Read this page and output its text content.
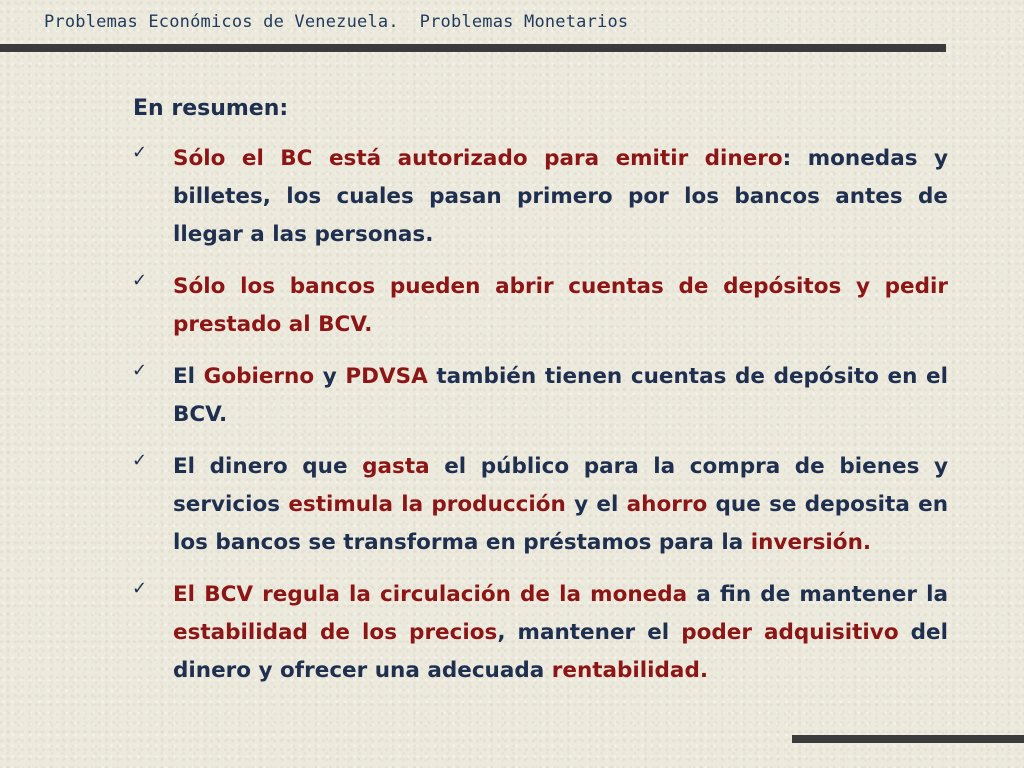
Problemas Económicos de Venezuela.  Problemas Monetarios
En resumen:
✓ Sólo el BC está autorizado para emitir dinero: monedas y billetes, los cuales pasan primero por los bancos antes de llegar a las personas.
✓ Sólo los bancos pueden abrir cuentas de depósitos y pedir prestado al BCV.
✓ El Gobierno y PDVSA también tienen cuentas de depósito en el BCV.
✓ El dinero que gasta el público para la compra de bienes y servicios estimula la producción y el ahorro que se deposita en los bancos se transforma en préstamos para la inversión.
✓ El BCV regula la circulación de la moneda a fin de mantener la estabilidad de los precios, mantener el poder adquisitivo del dinero y ofrecer una adecuada rentabilidad.
